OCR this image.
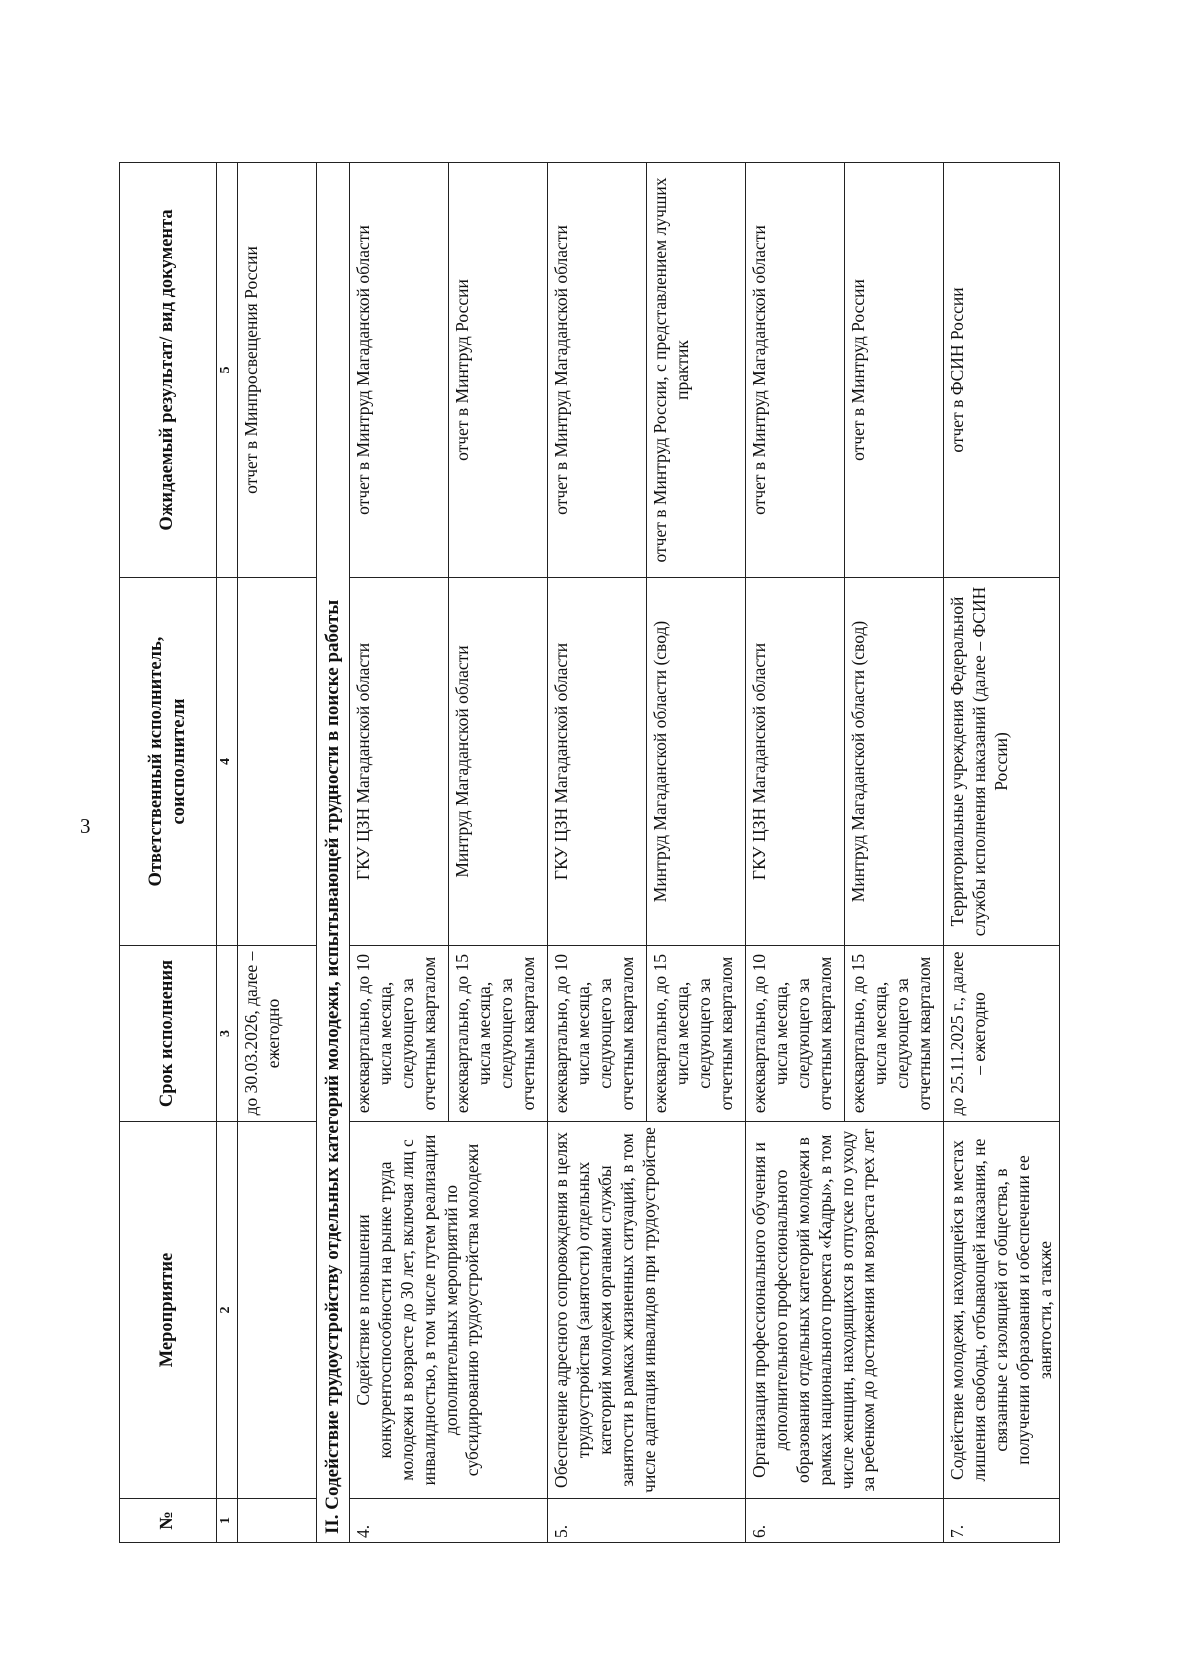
3
№	Мероприятие	Срок исполнения	Ответственный исполнитель, соисполнители	Ожидаемый результат/ вид документа
1	2	3	4	5
		до 30.03.2026, далее – ежегодно		отчет в Минпросвещения России
II. Содействие трудоустройству отдельных категорий молодежи, испытывающей трудности в поиске работы				
4.	Содействие в повышении конкурентоспособности на рынке труда молодежи в возрасте до 30 лет, включая лиц с инвалидностью, в том числе путем реализации дополнительных мероприятий по субсидированию трудоустройства молодежи	ежеквартально, до 10 числа месяца, следующего за отчетным кварталом	ГКУ ЦЗН Магаданской области	отчет в Минтруд Магаданской области
		ежеквартально, до 15 числа месяца, следующего за отчетным кварталом	Минтруд Магаданской области	отчет в Минтруд России
5.	Обеспечение адресного сопровождения в целях трудоустройства (занятости) отдельных категорий молодежи органами службы занятости в рамках жизненных ситуаций, в том числе адаптация инвалидов при трудоустройстве	ежеквартально, до 10 числа месяца, следующего за отчетным кварталом	ГКУ ЦЗН Магаданской области	отчет в Минтруд Магаданской области
		ежеквартально, до 15 числа месяца, следующего за отчетным кварталом	Минтруд Магаданской области (свод)	отчет в Минтруд России, с представлением лучших практик
6.	Организация профессионального обучения и дополнительного профессионального образования отдельных категорий молодежи в рамках национального проекта «Кадры», в том числе женщин, находящихся в отпуске по уходу за ребенком до достижения им возраста трех лет	ежеквартально, до 10 числа месяца, следующего за отчетным кварталом	ГКУ ЦЗН Магаданской области	отчет в Минтруд Магаданской области
		ежеквартально, до 15 числа месяца, следующего за отчетным кварталом	Минтруд Магаданской области (свод)	отчет в Минтруд России
7.	Содействие молодежи, находящейся в местах лишения свободы, отбывающей наказания, не связанные с изоляцией от общества, в получении образования и обеспечении ее занятости, а также	до 25.11.2025 г., далее – ежегодно	Территориальные учреждения Федеральной службы исполнения наказаний (далее – ФСИН России)	отчет в ФСИН России
